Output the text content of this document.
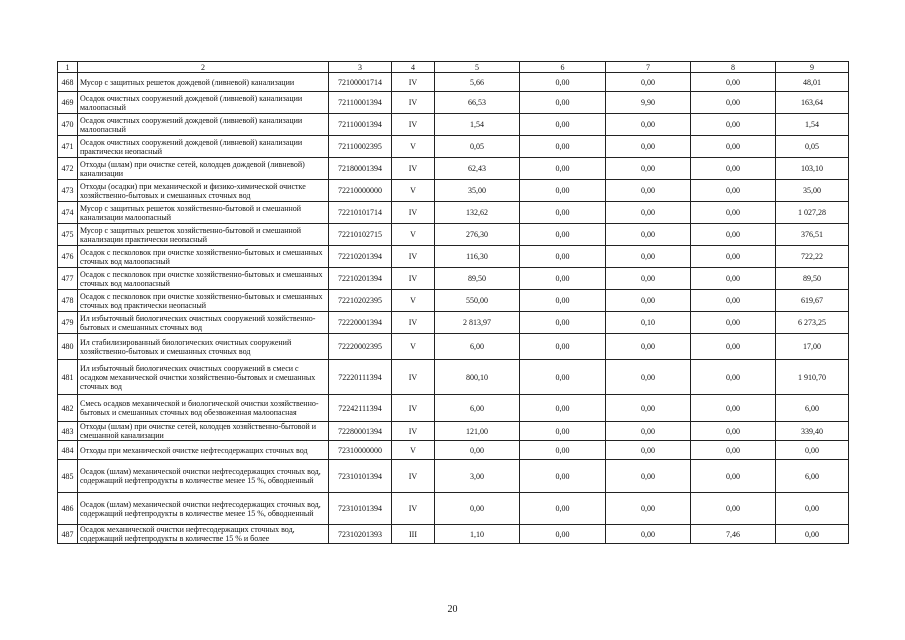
1	2	3	4	5	6	7	8	9
468	Мусор с защитных решеток дождевой (ливневой) канализации	72100001714	IV	5,66	0,00	0,00	0,00	48,01
469	Осадок очистных сооружений дождевой (ливневой) канализации малоопасный	72110001394	IV	66,53	0,00	9,90	0,00	163,64
470	Осадок очистных сооружений дождевой (ливневой) канализации малоопасный	72110001394	IV	1,54	0,00	0,00	0,00	1,54
471	Осадок очистных сооружений дождевой (ливневой) канализации практически неопасный	72110002395	V	0,05	0,00	0,00	0,00	0,05
472	Отходы (шлам) при очистке сетей, колодцев дождевой (ливневой) канализации	72180001394	IV	62,43	0,00	0,00	0,00	103,10
473	Отходы (осадки) при механической и физико-химической очистке хозяйственно-бытовых и смешанных сточных вод	72210000000	V	35,00	0,00	0,00	0,00	35,00
474	Мусор с защитных решеток хозяйственно-бытовой и смешанной канализации малоопасный	72210101714	IV	132,62	0,00	0,00	0,00	1 027,28
475	Мусор с защитных решеток хозяйственно-бытовой и смешанной канализации практически неопасный	72210102715	V	276,30	0,00	0,00	0,00	376,51
476	Осадок с песколовок при очистке хозяйственно-бытовых и смешанных сточных вод малоопасный	72210201394	IV	116,30	0,00	0,00	0,00	722,22
477	Осадок с песколовок при очистке хозяйственно-бытовых и смешанных сточных вод малоопасный	72210201394	IV	89,50	0,00	0,00	0,00	89,50
478	Осадок с песколовок при очистке хозяйственно-бытовых и смешанных сточных вод практически неопасный	72210202395	V	550,00	0,00	0,00	0,00	619,67
479	Ил избыточный биологических очистных сооружений хозяйственно-бытовых и смешанных сточных вод	72220001394	IV	2 813,97	0,00	0,10	0,00	6 273,25
480	Ил стабилизированный биологических очистных сооружений хозяйственно-бытовых и смешанных сточных вод	72220002395	V	6,00	0,00	0,00	0,00	17,00
481	Ил избыточный биологических очистных сооружений в смеси с осадком механической очистки хозяйственно-бытовых и смешанных сточных вод	72220111394	IV	800,10	0,00	0,00	0,00	1 910,70
482	Смесь осадков механической и биологической очистки хозяйственно-бытовых и смешанных сточных вод обезвоженная малоопасная	72242111394	IV	6,00	0,00	0,00	0,00	6,00
483	Отходы (шлам) при очистке сетей, колодцев хозяйственно-бытовой и смешанной канализации	72280001394	IV	121,00	0,00	0,00	0,00	339,40
484	Отходы при механической очистке нефтесодержащих сточных вод	72310000000	V	0,00	0,00	0,00	0,00	0,00
485	Осадок (шлам) механической очистки нефтесодержащих сточных вод, содержащий нефтепродукты в количестве менее 15 %, обводненный	72310101394	IV	3,00	0,00	0,00	0,00	6,00
486	Осадок (шлам) механической очистки нефтесодержащих сточных вод, содержащий нефтепродукты в количестве менее 15 %, обводненный	72310101394	IV	0,00	0,00	0,00	0,00	0,00
487	Осадок механической очистки нефтесодержащих сточных вод, содержащий нефтепродукты в количестве 15 % и более	72310201393	III	1,10	0,00	0,00	7,46	0,00
20
